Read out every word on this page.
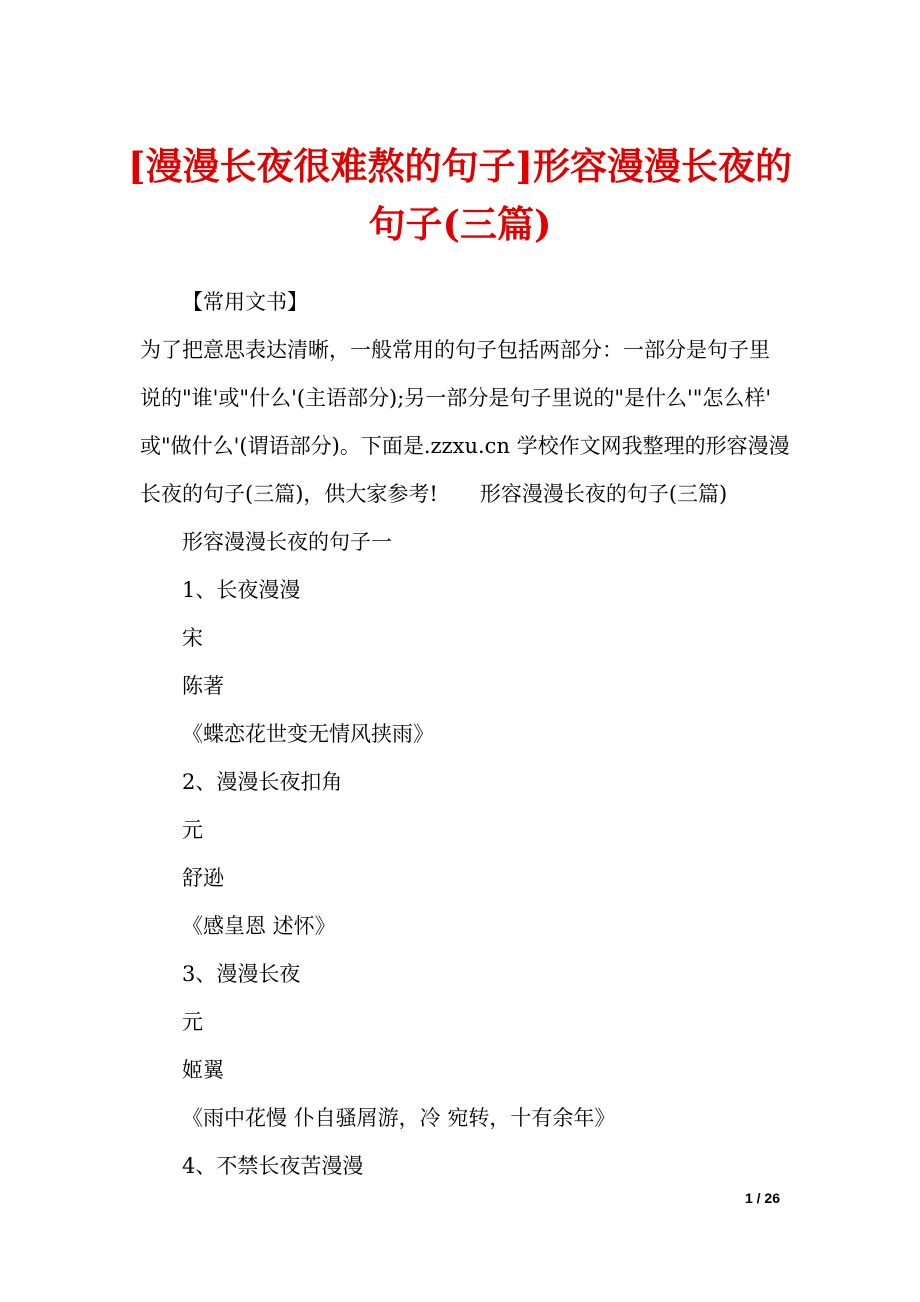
[漫漫长夜很难熬的句子]形容漫漫长夜的
句子(三篇)
【常用文书】
为了把意思表达清晰，一般常用的句子包括两部分：一部分是句子里
说的"谁'或"什么'(主语部分);另一部分是句子里说的"是什么'"怎么样'
或"做什么'(谓语部分)。下面是.zzxu.cn 学校作文网我整理的形容漫漫
长夜的句子(三篇)，供大家参考!　　形容漫漫长夜的句子(三篇)
形容漫漫长夜的句子一
1、长夜漫漫
宋
陈著
《蝶恋花世变无情风挟雨》
2、漫漫长夜扣角
元
舒逊
《感皇恩 述怀》
3、漫漫长夜
元
姬翼
《雨中花慢 仆自骚屑游，冷 宛转，十有余年》
4、不禁长夜苦漫漫
1 / 26
